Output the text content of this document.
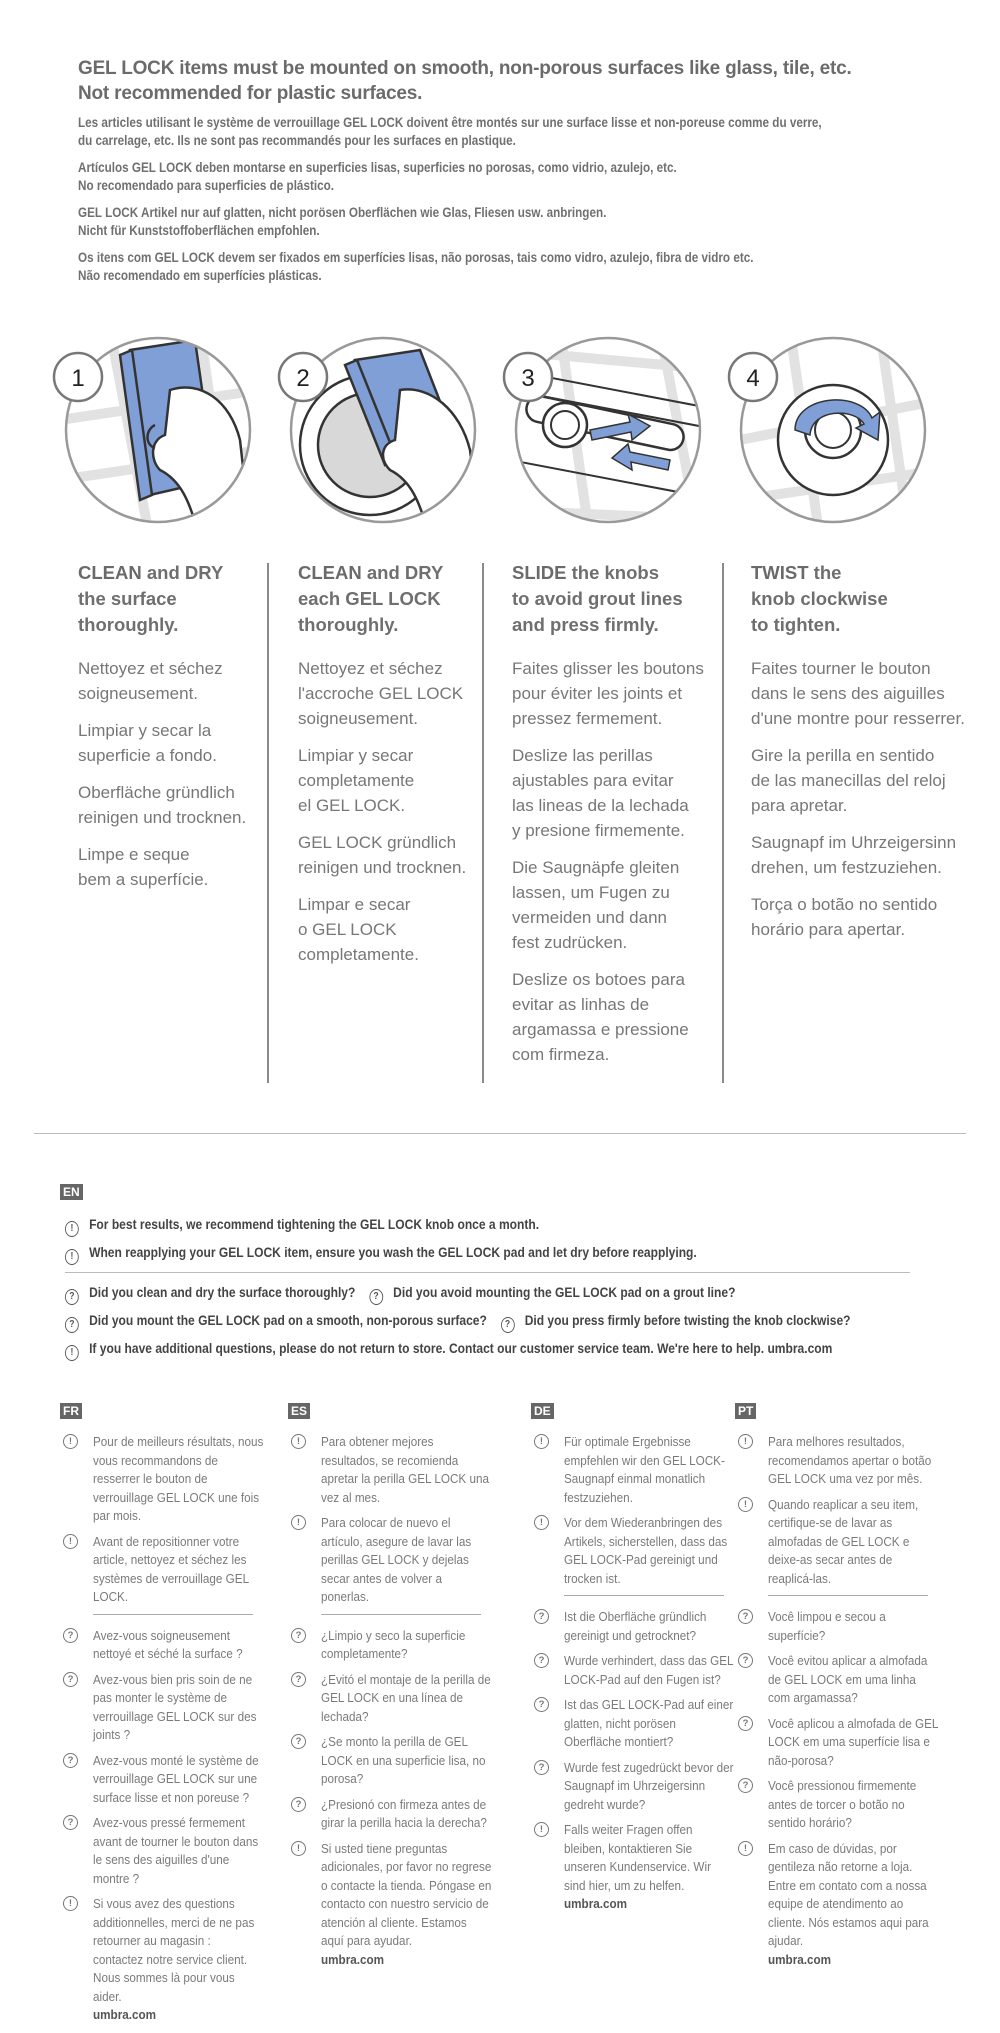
GEL LOCK items must be mounted on smooth, non-porous surfaces like glass, tile, etc.
Not recommended for plastic surfaces.
Les articles utilisant le système de verrouillage GEL LOCK doivent être montés sur une surface lisse et non-poreuse comme du verre,
du carrelage, etc. Ils ne sont pas recommandés pour les surfaces en plastique.
Artículos GEL LOCK deben montarse en superficies lisas, superficies no porosas, como vidrio, azulejo, etc.
No recomendado para superficies de plástico.
GEL LOCK Artikel nur auf glatten, nicht porösen Oberflächen wie Glas, Fliesen usw. anbringen.
Nicht für Kunststoffoberflächen empfohlen.
Os itens com GEL LOCK devem ser fixados em superfícies lisas, não porosas, tais como vidro, azulejo, fibra de vidro etc.
Não recomendado em superfícies plásticas.
1	2	3	4
CLEAN and DRY
the surface
thoroughly.

Nettoyez et séchez
soigneusement.

Limpiar y secar la
superficie a fondo.

Oberfläche gründlich
reinigen und trocknen.

Limpe e seque
bem a superfície.

CLEAN and DRY
each GEL LOCK
thoroughly.

Nettoyez et séchez
l'accroche GEL LOCK
soigneusement.

Limpiar y secar
completamente
el GEL LOCK.

GEL LOCK gründlich
reinigen und trocknen.

Limpar e secar
o GEL LOCK
completamente.

SLIDE the knobs
to avoid grout lines
and press firmly.

Faites glisser les boutons
pour éviter les joints et
pressez fermement.

Deslize las perillas
ajustables para evitar
las lineas de la lechada
y presione firmemente.

Die Saugnäpfe gleiten
lassen, um Fugen zu
vermeiden und dann
fest zudrücken.

Deslize os botoes para
evitar as linhas de
argamassa e pressione
com firmeza.

TWIST the
knob clockwise
to tighten.

Faites tourner le bouton
dans le sens des aiguilles
d'une montre pour resserrer.

Gire la perilla en sentido
de las manecillas del reloj
para apretar.

Saugnapf im Uhrzeigersinn
drehen, um festzuziehen.

Torça o botão no sentido
horário para apertar.

EN
! For best results, we recommend tightening the GEL LOCK knob once a month.
! When reapplying your GEL LOCK item, ensure you wash the GEL LOCK pad and let dry before reapplying.
? Did you clean and dry the surface thoroughly? ? Did you avoid mounting the GEL LOCK pad on a grout line?
? Did you mount the GEL LOCK pad on a smooth, non-porous surface? ? Did you press firmly before twisting the knob clockwise?
! If you have additional questions, please do not return to store. Contact our customer service team. We're here to help. umbra.com
FR	ES	DE	PT
!	Pour de meilleurs résultats, nous vous recommandons de resserrer le bouton de verrouillage GEL LOCK une fois par mois.
!	Avant de repositionner votre article, nettoyez et séchez les systèmes de verrouillage GEL LOCK.
?	Avez-vous soigneusement nettoyé et séché la surface ?
?	Avez-vous bien pris soin de ne pas monter le système de verrouillage GEL LOCK sur des joints ?
?	Avez-vous monté le système de verrouillage GEL LOCK sur une surface lisse et non poreuse ?
?	Avez-vous pressé fermement avant de tourner le bouton dans le sens des aiguilles d'une montre ?
!	Si vous avez des questions additionnelles, merci de ne pas retourner au magasin : contactez notre service client. Nous sommes là pour vous aider.
umbra.com
!	Para obtener mejores resultados, se recomienda apretar la perilla GEL LOCK una vez al mes.
!	Para colocar de nuevo el artículo, asegure de lavar las perillas GEL LOCK y dejelas secar antes de volver a ponerlas.
?	¿Limpio y seco la superficie completamente?
?	¿Evitó el montaje de la perilla de GEL LOCK en una línea de lechada?
?	¿Se monto la perilla de GEL LOCK en una superficie lisa, no porosa?
?	¿Presionó con firmeza antes de girar la perilla hacia la derecha?
!	Si usted tiene preguntas adicionales, por favor no regrese o contacte la tienda. Póngase en contacto con nuestro servicio de atención al cliente. Estamos aquí para ayudar.
umbra.com
!	Für optimale Ergebnisse empfehlen wir den GEL LOCK-Saugnapf einmal monatlich festzuziehen.
!	Vor dem Wiederanbringen des Artikels, sicherstellen, dass das GEL LOCK-Pad gereinigt und trocken ist.
?	Ist die Oberfläche gründlich gereinigt und getrocknet?
?	Wurde verhindert, dass das GEL LOCK-Pad auf den Fugen ist?
?	Ist das GEL LOCK-Pad auf einer glatten, nicht porösen Oberfläche montiert?
?	Wurde fest zugedrückt bevor der Saugnapf im Uhrzeigersinn gedreht wurde?
!	Falls weiter Fragen offen bleiben, kontaktieren Sie unseren Kundenservice. Wir sind hier, um zu helfen.
umbra.com
!	Para melhores resultados, recomendamos apertar o botão GEL LOCK uma vez por mês.
!	Quando reaplicar a seu item, certifique-se de lavar as almofadas de GEL LOCK e deixe-as secar antes de reaplicá-las.
?	Você limpou e secou a superfície?
?	Você evitou aplicar a almofada de GEL LOCK em uma linha com argamassa?
?	Você aplicou a almofada de GEL LOCK em uma superfície lisa e não-porosa?
?	Você pressionou firmemente antes de torcer o botão no sentido horário?
!	Em caso de dúvidas, por gentileza não retorne a loja. Entre em contato com a nossa equipe de atendimento ao cliente. Nós estamos aqui para ajudar.
umbra.com
